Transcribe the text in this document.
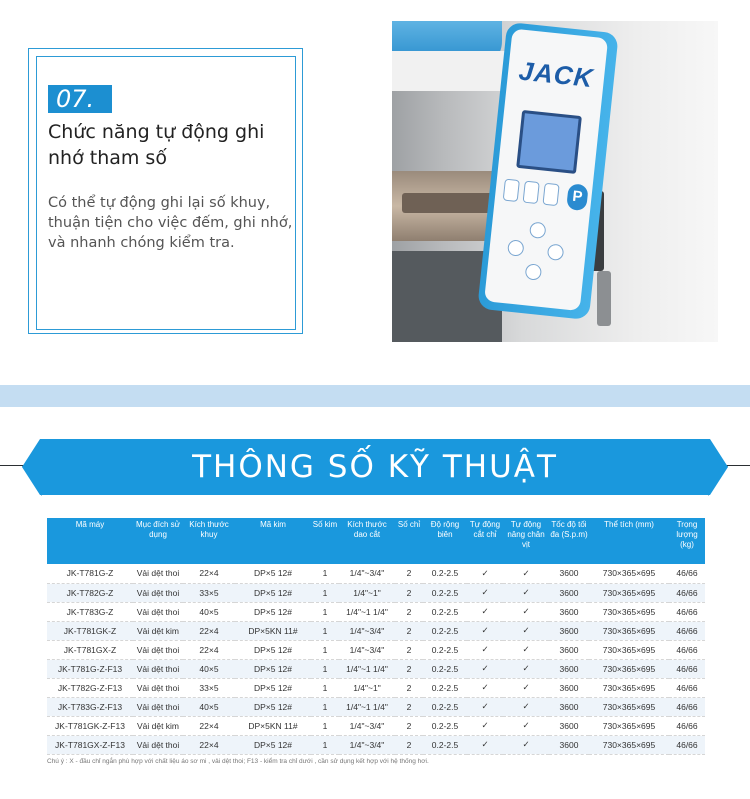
07.
Chức năng tự động ghi nhớ tham số
Có thể tự động ghi lại số khuy, thuận tiện cho việc đếm, ghi nhớ, và nhanh chóng kiểm tra.
JACK
P
THÔNG SỐ KỸ THUẬT
Mã máy	Mục đích sử dụng	Kích thước khuy	Mã kim	Số kim	Kích thước dao cắt	Số chỉ	Độ rộng biên	Tự động cắt chỉ	Tự động nâng chân vịt	Tốc độ tối đa (S.p.m)	Thể tích (mm)	Trọng lượng (kg)
JK-T781G-Z	Vải dệt thoi	22×4	DP×5 12#	1	1/4"~3/4"	2	0.2-2.5	✓	✓	3600	730×365×695	46/66
JK-T782G-Z	Vải dệt thoi	33×5	DP×5 12#	1	1/4"~1"	2	0.2-2.5	✓	✓	3600	730×365×695	46/66
JK-T783G-Z	Vải dệt thoi	40×5	DP×5 12#	1	1/4"~1 1/4"	2	0.2-2.5	✓	✓	3600	730×365×695	46/66
JK-T781GK-Z	Vải dệt kim	22×4	DP×5KN 11#	1	1/4"~3/4"	2	0.2-2.5	✓	✓	3600	730×365×695	46/66
JK-T781GX-Z	Vải dệt thoi	22×4	DP×5 12#	1	1/4"~3/4"	2	0.2-2.5	✓	✓	3600	730×365×695	46/66
JK-T781G-Z-F13	Vải dệt thoi	40×5	DP×5 12#	1	1/4"~1 1/4"	2	0.2-2.5	✓	✓	3600	730×365×695	46/66
JK-T782G-Z-F13	Vải dệt thoi	33×5	DP×5 12#	1	1/4"~1"	2	0.2-2.5	✓	✓	3600	730×365×695	46/66
JK-T783G-Z-F13	Vải dệt thoi	40×5	DP×5 12#	1	1/4"~1 1/4"	2	0.2-2.5	✓	✓	3600	730×365×695	46/66
JK-T781GK-Z-F13	Vải dệt kim	22×4	DP×5KN 11#	1	1/4"~3/4"	2	0.2-2.5	✓	✓	3600	730×365×695	46/66
JK-T781GX-Z-F13	Vải dệt thoi	22×4	DP×5 12#	1	1/4"~3/4"	2	0.2-2.5	✓	✓	3600	730×365×695	46/66
Chú ý : X - đầu chỉ ngắn phù hợp với chất liệu áo sơ mi , vải dệt thoi; F13 - kiểm tra chỉ dưới , cần sử dụng kết hợp với hệ thống hơi.
